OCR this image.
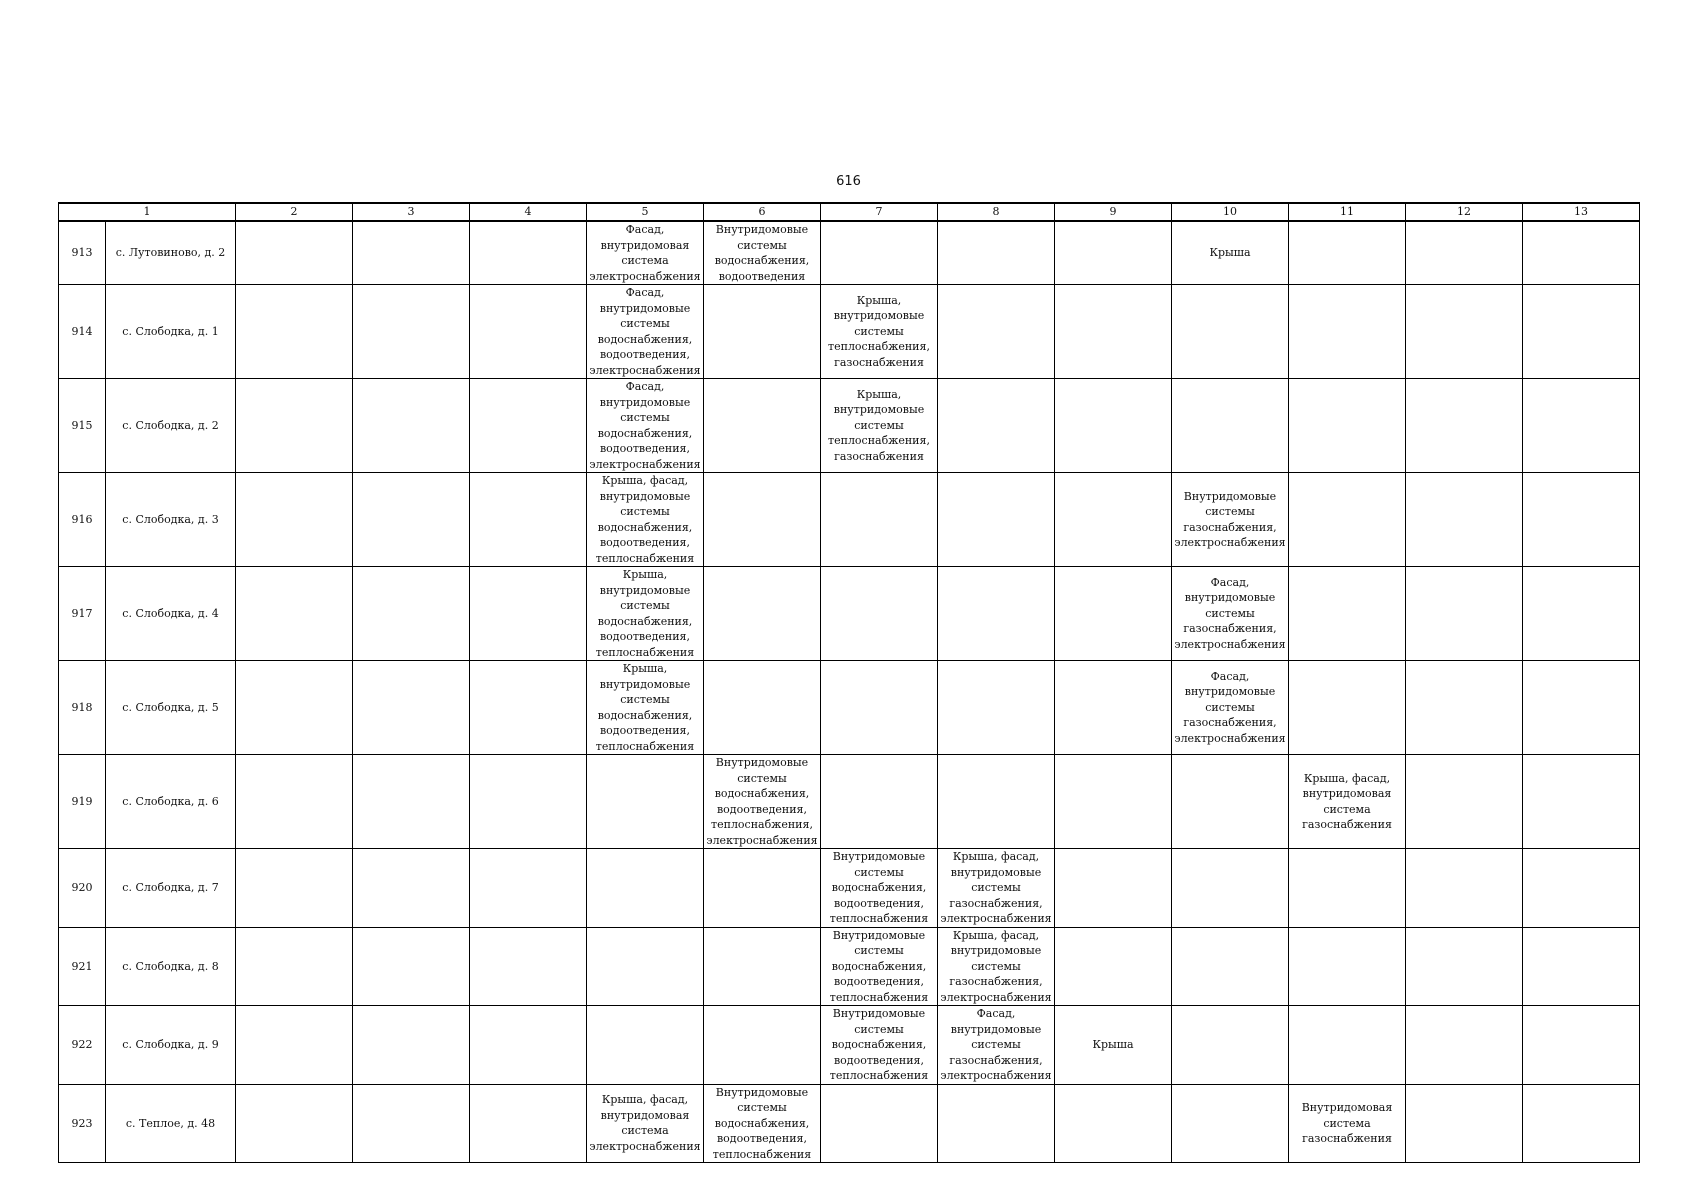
616
1		2	3	4	5	6	7	8	9	10	11	12	13
913	с. Лутовиново, д. 2				Фасад, внутридомовая система электроснабжения	Внутридомовые системы водоснабжения, водоотведения				Крыша			
914	с. Слободка, д. 1				Фасад, внутридомовые системы водоснабжения, водоотведения, электроснабжения		Крыша, внутридомовые системы теплоснабжения, газоснабжения						
915	с. Слободка, д. 2				Фасад, внутридомовые системы водоснабжения, водоотведения, электроснабжения		Крыша, внутридомовые системы теплоснабжения, газоснабжения						
916	с. Слободка, д. 3				Крыша, фасад, внутридомовые системы водоснабжения, водоотведения, теплоснабжения					Внутридомовые системы газоснабжения, электроснабжения			
917	с. Слободка, д. 4				Крыша, внутридомовые системы водоснабжения, водоотведения, теплоснабжения					Фасад, внутридомовые системы газоснабжения, электроснабжения			
918	с. Слободка, д. 5				Крыша, внутридомовые системы водоснабжения, водоотведения, теплоснабжения					Фасад, внутридомовые системы газоснабжения, электроснабжения			
919	с. Слободка, д. 6					Внутридомовые системы водоснабжения, водоотведения, теплоснабжения, электроснабжения					Крыша, фасад, внутридомовая система газоснабжения		
920	с. Слободка, д. 7						Внутридомовые системы водоснабжения, водоотведения, теплоснабжения	Крыша, фасад, внутридомовые системы газоснабжения, электроснабжения					
921	с. Слободка, д. 8						Внутридомовые системы водоснабжения, водоотведения, теплоснабжения	Крыша, фасад, внутридомовые системы газоснабжения, электроснабжения					
922	с. Слободка, д. 9						Внутридомовые системы водоснабжения, водоотведения, теплоснабжения	Фасад, внутридомовые системы газоснабжения, электроснабжения	Крыша				
923	с. Теплое, д. 48				Крыша, фасад, внутридомовая система электроснабжения	Внутридомовые системы водоснабжения, водоотведения, теплоснабжения					Внутридомовая система газоснабжения		
